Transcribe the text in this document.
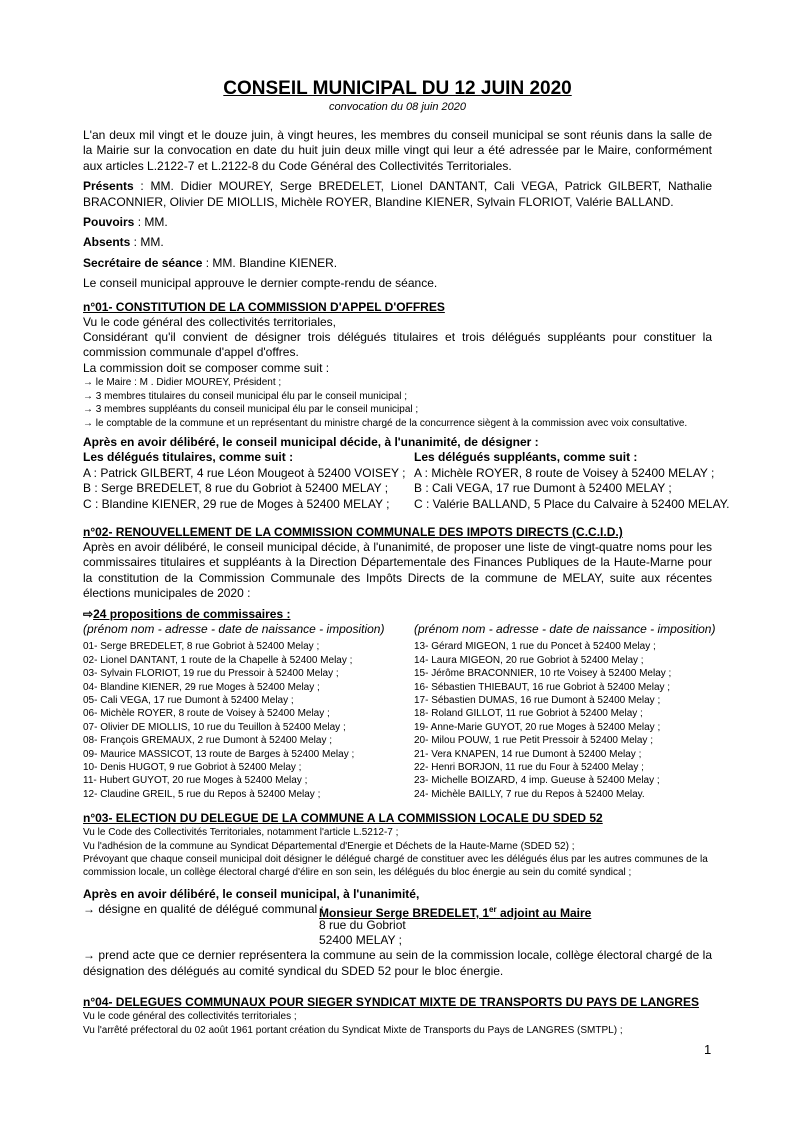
CONSEIL MUNICIPAL DU 12 JUIN 2020

convocation du 08 juin 2020

L'an deux mil vingt et le douze juin, à vingt heures, les membres du conseil municipal se sont réunis dans la salle de la Mairie sur la convocation en date du huit juin deux mille vingt qui leur a été adressée par le Maire, conformément aux articles L.2122-7 et L.2122-8 du Code Général des Collectivités Territoriales.

Présents : MM. Didier MOUREY, Serge BREDELET, Lionel DANTANT, Cali VEGA, Patrick GILBERT, Nathalie BRACONNIER, Olivier DE MIOLLIS, Michèle ROYER, Blandine KIENER, Sylvain FLORIOT, Valérie BALLAND.

Pouvoirs : MM.

Absents : MM.

Secrétaire de séance : MM. Blandine KIENER.

Le conseil municipal approuve le dernier compte-rendu de séance.

n°01- CONSTITUTION DE LA COMMISSION D'APPEL D'OFFRES

Vu le code général des collectivités territoriales,

Considérant qu'il convient de désigner trois délégués titulaires et trois délégués suppléants pour constituer la commission communale d'appel d'offres.

La commission doit se composer comme suit :

→ le Maire : M . Didier MOUREY, Président ;

→ 3 membres titulaires du conseil municipal élu par le conseil municipal ;

→ 3 membres suppléants du conseil municipal élu par le conseil municipal ;

→ le comptable de la commune et un représentant du ministre chargé de la concurrence siègent à la commission avec voix consultative.

Après en avoir délibéré, le conseil municipal décide, à l'unanimité, de désigner :

Les délégués titulaires, comme suit :

A : Patrick GILBERT, 4 rue Léon Mougeot à 52400 VOISEY ;

B : Serge BREDELET, 8 rue du Gobriot à 52400 MELAY ;

C : Blandine KIENER, 29 rue de Moges à 52400 MELAY ;

Les délégués suppléants, comme suit :

A : Michèle ROYER, 8 route de Voisey à 52400 MELAY ;

B : Cali VEGA, 17 rue Dumont à 52400 MELAY ;

C : Valérie BALLAND, 5 Place du Calvaire à 52400 MELAY.

n°02- RENOUVELLEMENT DE LA COMMISSION COMMUNALE DES IMPOTS DIRECTS (C.C.I.D.)

Après en avoir délibéré, le conseil municipal décide, à l'unanimité, de proposer une liste de vingt-quatre noms pour les commissaires titulaires et suppléants à la Direction Départementale des Finances Publiques de la Haute-Marne pour la constitution de la Commission Communale des Impôts Directs de la commune de MELAY, suite aux récentes élections municipales de 2020 :

⇨24 propositions de commissaires :

(prénom nom - adresse - date de naissance - imposition)

01- Serge BREDELET, 8 rue Gobriot à 52400 Melay ;

02- Lionel DANTANT, 1 route de la Chapelle à 52400 Melay ;

03- Sylvain FLORIOT, 19 rue du Pressoir à 52400 Melay ;

04- Blandine KIENER, 29 rue Moges à 52400 Melay ;

05- Cali VEGA, 17 rue Dumont à 52400 Melay ;

06- Michèle ROYER, 8 route de Voisey à 52400 Melay ;

07- Olivier DE MIOLLIS, 10 rue du Teuillon à 52400 Melay ;

08- François GREMAUX, 2 rue Dumont à 52400 Melay ;

09- Maurice MASSICOT, 13 route de Barges à 52400 Melay ;

10- Denis HUGOT, 9 rue Gobriot à 52400 Melay ;

11- Hubert GUYOT, 20 rue Moges à 52400 Melay ;

12- Claudine GREIL, 5 rue du Repos à 52400 Melay ;

(prénom nom - adresse - date de naissance - imposition)

13- Gérard MIGEON, 1 rue du Poncet à 52400 Melay ;

14- Laura MIGEON, 20 rue Gobriot à 52400 Melay ;

15- Jérôme BRACONNIER, 10 rte Voisey à 52400 Melay ;

16- Sébastien THIEBAUT, 16 rue Gobriot à 52400 Melay ;

17- Sébastien DUMAS, 16 rue Dumont à 52400 Melay ;

18- Roland GILLOT, 11 rue Gobriot à 52400 Melay ;

19- Anne-Marie GUYOT, 20 rue Moges à 52400 Melay ;

20- Milou POUW, 1 rue Petit Pressoir à 52400 Melay ;

21- Vera KNAPEN, 14 rue Dumont à 52400 Melay ;

22- Henri BORJON, 11 rue du Four à 52400 Melay ;

23- Michelle BOIZARD, 4 imp. Gueuse à 52400 Melay ;

24- Michèle BAILLY, 7 rue du Repos à 52400 Melay.

n°03- ELECTION DU DELEGUE DE LA COMMUNE A LA COMMISSION LOCALE DU SDED 52

Vu le Code des Collectivités Territoriales, notamment l'article L.5212-7 ;

Vu l'adhésion de la commune au Syndicat Départemental d'Energie et Déchets de la Haute-Marne (SDED 52) ;

Prévoyant que chaque conseil municipal doit désigner le délégué chargé de constituer avec les délégués élus par les autres communes de la commission locale, un collège électoral chargé d'élire en son sein, les délégués du bloc énergie au sein du comité syndical ;

Après en avoir délibéré, le conseil municipal, à l'unanimité,

→ désigne en qualité de délégué communal :
Monsieur Serge BREDELET, 1er adjoint au Maire

8 rue du Gobriot

52400 MELAY ;

→ prend acte que ce dernier représentera la commune au sein de la commission locale, collège électoral chargé de la désignation des délégués au comité syndical du SDED 52 pour le bloc énergie.

n°04- DELEGUES COMMUNAUX POUR SIEGER SYNDICAT MIXTE DE TRANSPORTS DU PAYS DE LANGRES

Vu le code général des collectivités territoriales ;

Vu l'arrêté préfectoral du 02 août 1961 portant création du Syndicat Mixte de Transports du Pays de LANGRES (SMTPL) ;

1
